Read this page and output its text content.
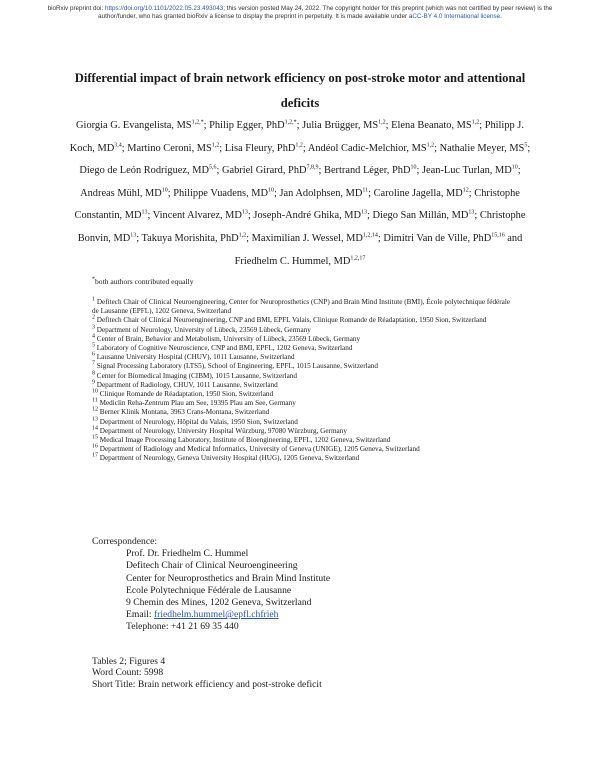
bioRxiv preprint doi: https://doi.org/10.1101/2022.05.23.493043; this version posted May 24, 2022. The copyright holder for this preprint (which was not certified by peer review) is the author/funder, who has granted bioRxiv a license to display the preprint in perpetuity. It is made available under aCC-BY 4.0 International license.
Differential impact of brain network efficiency on post-stroke motor and attentional deficits
Giorgia G. Evangelista, $MS^{1,2,*}$; Philip Egger, PhD$^{1,2,*}$; Julia Brügger, MS$^{1,2}$; Elena Beanato, MS$^{1,2}$; Philipp J. Koch, MD$^{3,4}$; Martino Ceroni, MS$^{1,2}$; Lisa Fleury, PhD$^{1,2}$; Andéol Cadic-Melchior, MS$^{1,2}$; Nathalie Meyer, $MS^5$; Diego de León Rodríguez, MD$^{5,6}$; Gabriel Girard, PhD$^{7,8,9}$; Bertrand Léger, PhD$^{10}$; Jean-Luc Turlan, MD$^{10}$; Andreas Mühl, MD$^{10}$; Philippe Vuadens, MD$^{10}$; Jan Adolphsen, MD$^{11}$; Caroline Jagella, MD$^{12}$; Christophe Constantin, MD$^{13}$; Vincent Alvarez, MD$^{13}$; Joseph-André Ghika, MD$^{13}$; Diego San Millán, MD$^{13}$; Christophe Bonvin, MD$^{13}$; Takuya Morishita, PhD$^{1,2}$; Maximilian J. Wessel, MD$^{1,2,14}$; Dimitri Van de Ville, PhD$^{15,16}$ and Friedhelm C. Hummel, MD$^{1,2,17}$
*both authors contributed equally
$^1$ Defitech Chair of Clinical Neuroengineering, Center for Neuroprosthetics (CNP) and Brain Mind Institute (BMI), École polytechnique fédérale de Lausanne (EPFL), 1202 Geneva, Switzerland
$^2$ Defitech Chair of Clinical Neuroengineering, CNP and BMI, EPFL Valais, Clinique Romande de Réadaptation, 1950 Sion, Switzerland
$^3$ Department of Neurology, University of Lübeck, 23569 Lübeck, Germany
$^4$ Center of Brain, Behavior and Metabolism, University of Lübeck, 23569 Lübeck, Germany
$^5$ Laboratory of Cognitive Neuroscience, CNP and BMI, EPFL, 1202 Geneva, Switzerland
$^6$ Lausanne University Hospital (CHUV), 1011 Lausanne, Switzerland
$^7$ Signal Processing Laboratory (LTS5), School of Engineering, EPFL, 1015 Lausanne, Switzerland
$^8$ Center for Biomedical Imaging (CIBM), 1015 Lausanne, Switzerland
$^9$ Department of Radiology, CHUV, 1011 Lausanne, Switzerland
$^{10}$ Clinique Romande de Réadaptation, 1950 Sion, Switzerland
$^{11}$ Mediclin Reha-Zentrum Plau am See, 19395 Plau am See, Germany
$^{12}$ Berner Klinik Montana, 3963 Crans-Montana, Switzerland
$^{13}$ Department of Neurology, Hôpital du Valais, 1950 Sion, Switzerland
$^{14}$ Department of Neurology, University Hospital Würzburg, 97080 Würzburg, Germany
$^{15}$ Medical Image Processing Laboratory, Institute of Bioengineering, EPFL, 1202 Geneva, Switzerland
$^{16}$ Department of Radiology and Medical Informatics, University of Geneva (UNIGE), 1205 Geneva, Switzerland
$^{17}$ Department of Neurology, Geneva University Hospital (HUG), 1205 Geneva, Switzerland
Correspondence:
Prof. Dr. Friedhelm C. Hummel
Defitech Chair of Clinical Neuroengineering
Center for Neuroprosthetics and Brain Mind Institute
Ecole Polytechnique Fédérale de Lausanne
9 Chemin des Mines, 1202 Geneva, Switzerland
Email: friedhelm.hummel@epfl.chfrieh
Telephone: +41 21 69 35 440
Tables 2; Figures 4
Word Count: 5998
Short Title: Brain network efficiency and post-stroke deficit
